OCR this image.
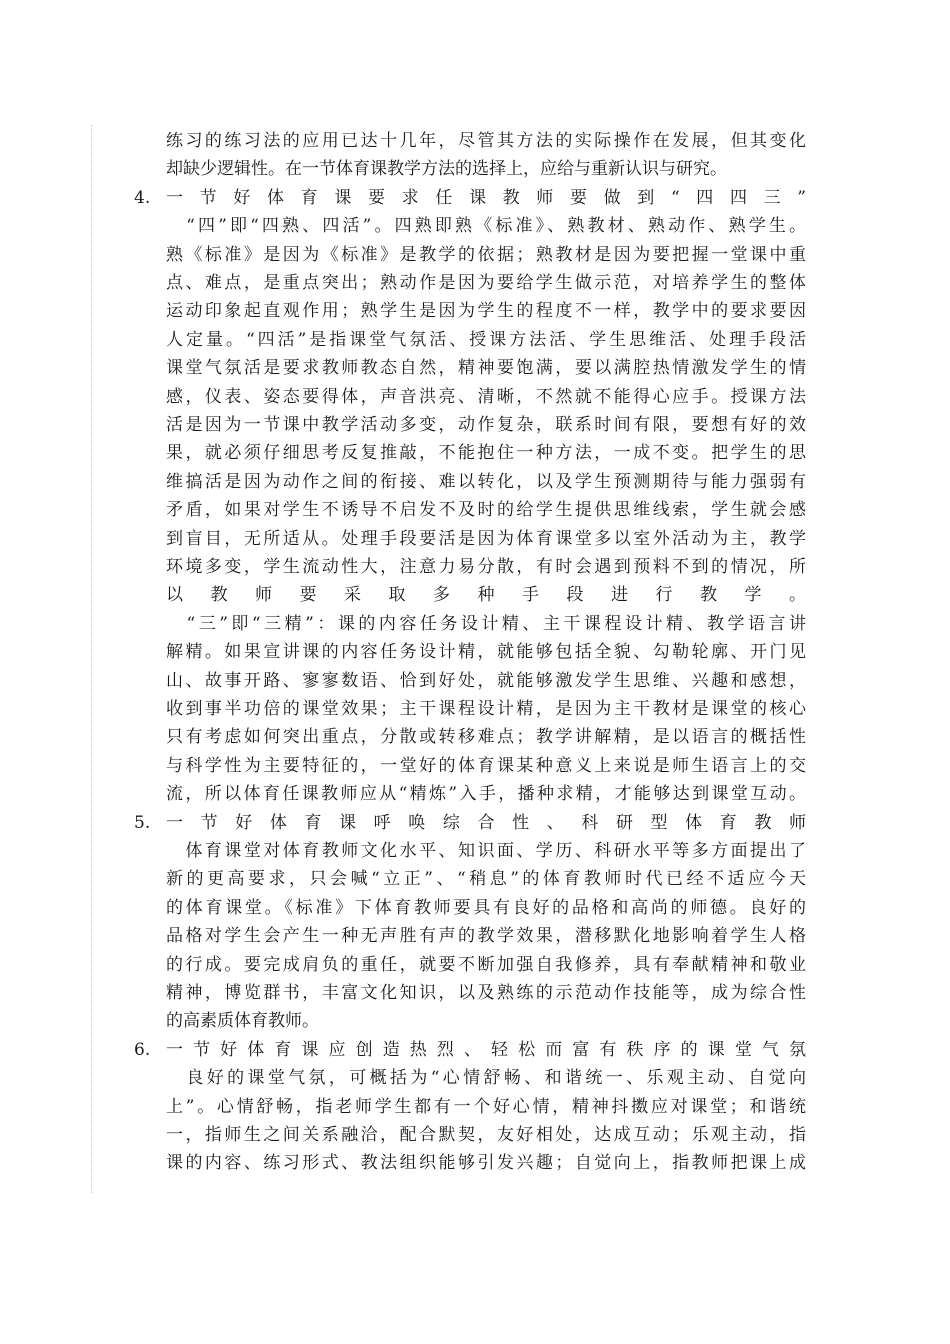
练习的练习法的应用已达十几年，尽管其方法的实际操作在发展，但其变化
却缺少逻辑性。在一节体育课教学方法的选择上，应给与重新认识与研究。
4. 一节好体育课要求任课教师要做到“四四三”
　“四”即“四熟、四活”。四熟即熟《标准》、熟教材、熟动作、熟学生。
熟《标准》是因为《标准》是教学的依据；熟教材是因为要把握一堂课中重
点、难点，是重点突出；熟动作是因为要给学生做示范，对培养学生的整体
运动印象起直观作用；熟学生是因为学生的程度不一样，教学中的要求要因
人定量。“四活”是指课堂气氛活、授课方法活、学生思维活、处理手段活
课堂气氛活是要求教师教态自然，精神要饱满，要以满腔热情激发学生的情
感，仪表、姿态要得体，声音洪亮、清晰，不然就不能得心应手。授课方法
活是因为一节课中教学活动多变，动作复杂，联系时间有限，要想有好的效
果，就必须仔细思考反复推敲，不能抱住一种方法，一成不变。把学生的思
维搞活是因为动作之间的衔接、难以转化，以及学生预测期待与能力强弱有
矛盾，如果对学生不诱导不启发不及时的给学生提供思维线索，学生就会感
到盲目，无所适从。处理手段要活是因为体育课堂多以室外活动为主，教学
环境多变，学生流动性大，注意力易分散，有时会遇到预料不到的情况，所
以教师要采取多种手段进行教学。
　“三”即“三精”：课的内容任务设计精、主干课程设计精、教学语言讲
解精。如果宣讲课的内容任务设计精，就能够包括全貌、勾勒轮廓、开门见
山、故事开路、寥寥数语、恰到好处，就能够激发学生思维、兴趣和感想，
收到事半功倍的课堂效果；主干课程设计精，是因为主干教材是课堂的核心
只有考虑如何突出重点，分散或转移难点；教学讲解精，是以语言的概括性
与科学性为主要特征的，一堂好的体育课某种意义上来说是师生语言上的交
流，所以体育任课教师应从“精炼”入手，播种求精，才能够达到课堂互动。
5. 一节好体育课呼唤综合性、科研型体育教师
　体育课堂对体育教师文化水平、知识面、学历、科研水平等多方面提出了
新的更高要求，只会喊“立正”、“稍息”的体育教师时代已经不适应今天
的体育课堂。《标准》下体育教师要具有良好的品格和高尚的师德。良好的
品格对学生会产生一种无声胜有声的教学效果，潜移默化地影响着学生人格
的行成。要完成肩负的重任，就要不断加强自我修养，具有奉献精神和敬业
精神，博览群书，丰富文化知识，以及熟练的示范动作技能等，成为综合性
的高素质体育教师。
6. 一节好体育课应创造热烈、轻松而富有秩序的课堂气氛
　良好的课堂气氛，可概括为“心情舒畅、和谐统一、乐观主动、自觉向
上”。心情舒畅，指老师学生都有一个好心情，精神抖擞应对课堂；和谐统
一，指师生之间关系融洽，配合默契，友好相处，达成互动；乐观主动，指
课的内容、练习形式、教法组织能够引发兴趣；自觉向上，指教师把课上成
